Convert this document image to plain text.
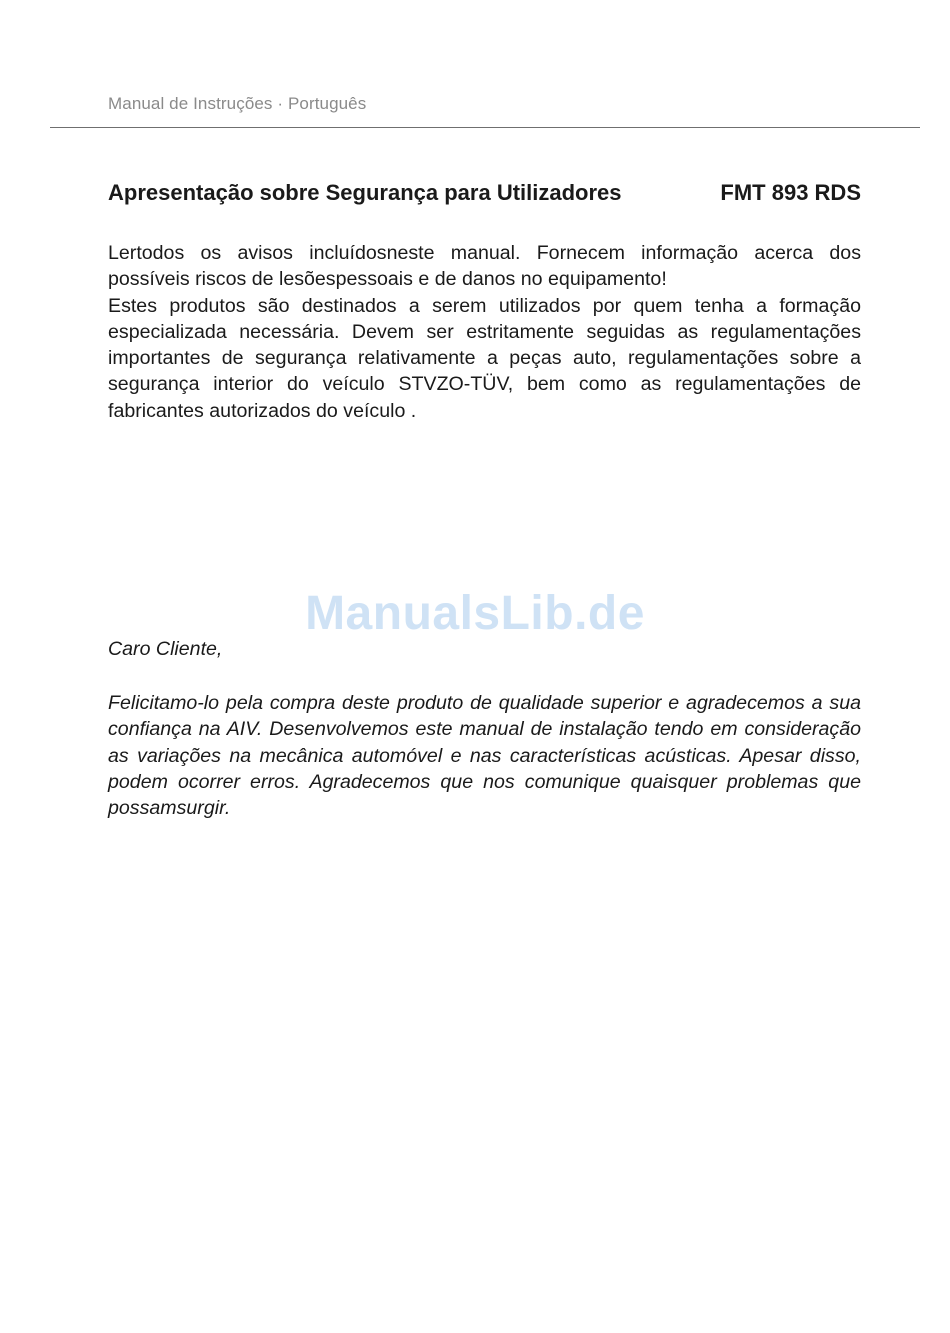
Manual de Instruções · Português
Apresentação sobre Segurança para Utilizadores	FMT 893 RDS

Lertodos os avisos incluídosneste manual. Fornecem informação acerca dos possíveis riscos de lesõespessoais e de danos no equipamento!

Estes produtos são destinados a serem utilizados por quem tenha a formação especializada necessária. Devem ser estritamente seguidas as regulamentações importantes de segurança relativamente a peças auto, regulamentações sobre a segurança interior do veículo STVZO-TÜV, bem como as regulamentações de fabricantes autorizados do veículo .

ManualsLib.de
Caro Cliente,

Felicitamo-lo pela compra deste produto de qualidade superior e agradecemos a sua confiança na AIV. Desenvolvemos este manual de instalação tendo em consideração as variações na mecânica automóvel e nas características acústicas. Apesar disso, podem ocorrer erros. Agradecemos que nos comunique quaisquer problemas que possamsurgir.
